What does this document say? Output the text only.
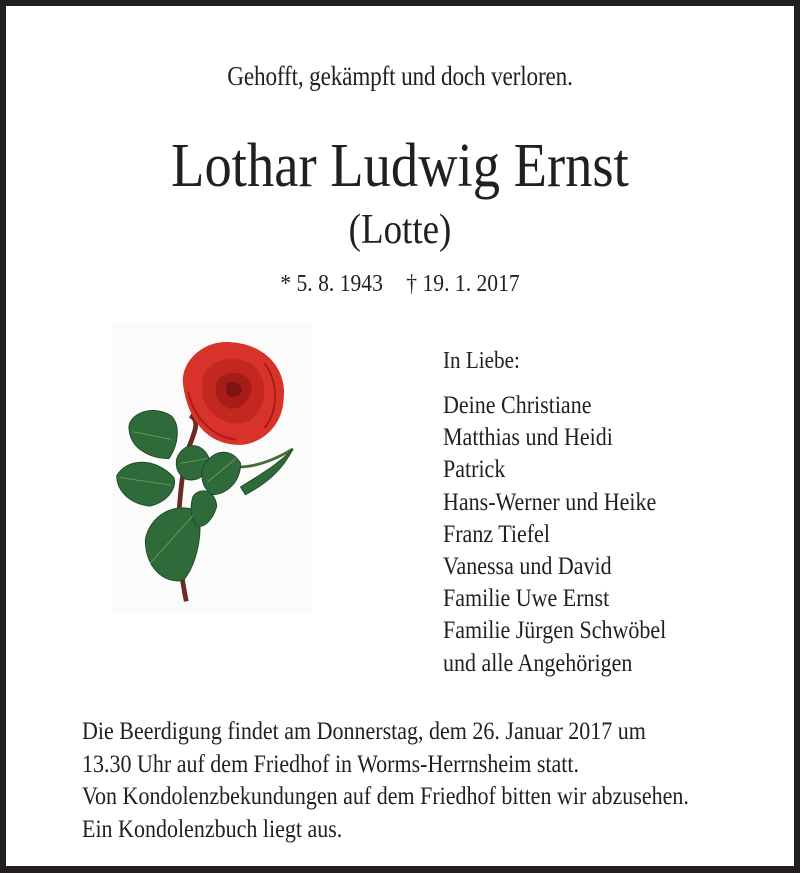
Gehofft, gekämpft und doch verloren.
Lothar Ludwig Ernst
(Lotte)
* 5. 8. 1943 † 19. 1. 2017
In Liebe:
Deine Christiane
Matthias und Heidi
Patrick
Hans-Werner und Heike
Franz Tiefel
Vanessa und David
Familie Uwe Ernst
Familie Jürgen Schwöbel
und alle Angehörigen
Die Beerdigung findet am Donnerstag, dem 26. Januar 2017 um
13.30 Uhr auf dem Friedhof in Worms-Herrnsheim statt.
Von Kondolenzbekundungen auf dem Friedhof bitten wir abzusehen.
Ein Kondolenzbuch liegt aus.
